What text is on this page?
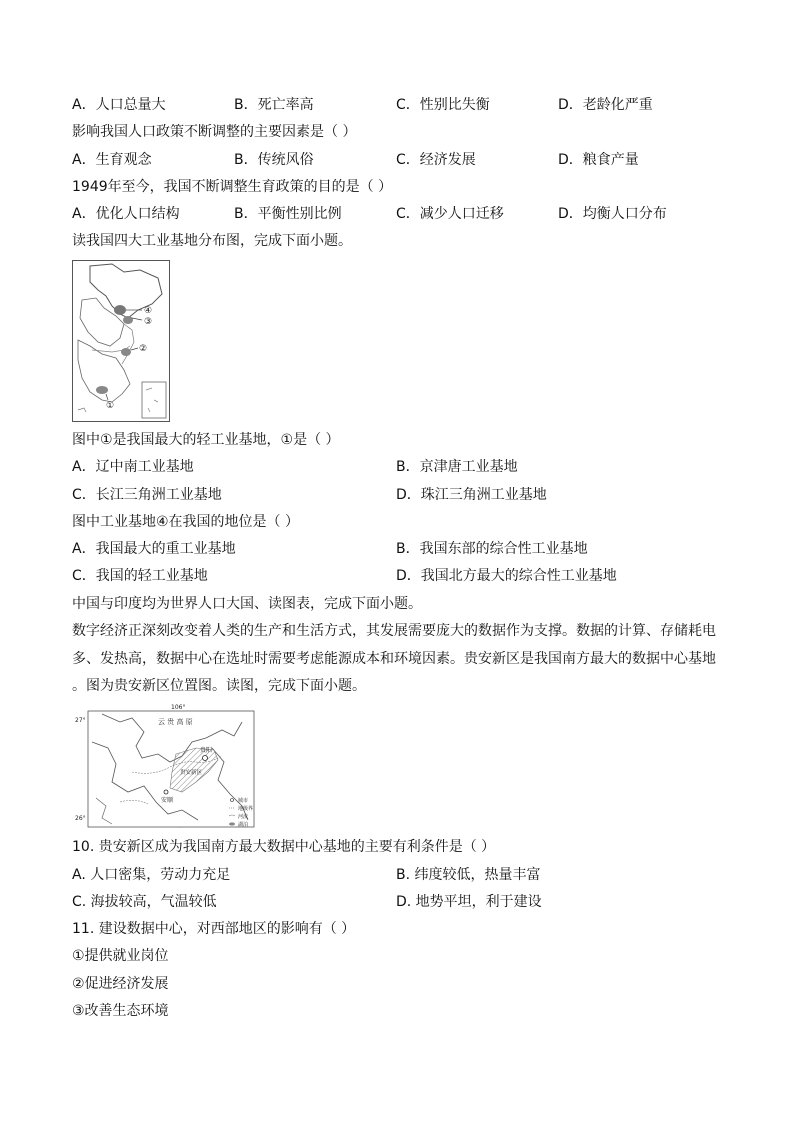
A．人口总量大	B．死亡率高	C．性别比失衡	D．老龄化严重
影响我国人口政策不断调整的主要因素是（ ）
A．生育观念	B．传统风俗	C．经济发展	D．粮食产量
1949年至今，我国不断调整生育政策的目的是（ ）
A．优化人口结构	B．平衡性别比例	C．减少人口迁移	D．均衡人口分布
读我国四大工业基地分布图，完成下面小题。
③
④
②
①
图中①是我国最大的轻工业基地，①是（ ）
A．辽中南工业基地	B．京津唐工业基地
C．长江三角洲工业基地	D．珠江三角洲工业基地
图中工业基地④在我国的地位是（ ）
A．我国最大的重工业基地	B．我国东部的综合性工业基地
C．我国的轻工业基地	D．我国北方最大的综合性工业基地
中国与印度均为世界人口大国、读图表，完成下面小题。
数字经济正深刻改变着人类的生产和生活方式，其发展需要庞大的数据作为支撑。数据的计算、存储耗电
多、发热高，数据中心在选址时需要考虑能源成本和环境因素。贵安新区是我国南方最大的数据中心基地
。图为贵安新区位置图。读图，完成下面小题。
106°
27°
26°
云 贵 高 原
贵阳
贵安新区
安顺	城市
地级界
河流
湖泊
10. 贵安新区成为我国南方最大数据中心基地的主要有利条件是（ ）
A. 人口密集，劳动力充足	B. 纬度较低，热量丰富
C. 海拔较高，气温较低	D. 地势平坦，利于建设
11. 建设数据中心，对西部地区的影响有（ ）
①提供就业岗位
②促进经济发展
③改善生态环境
